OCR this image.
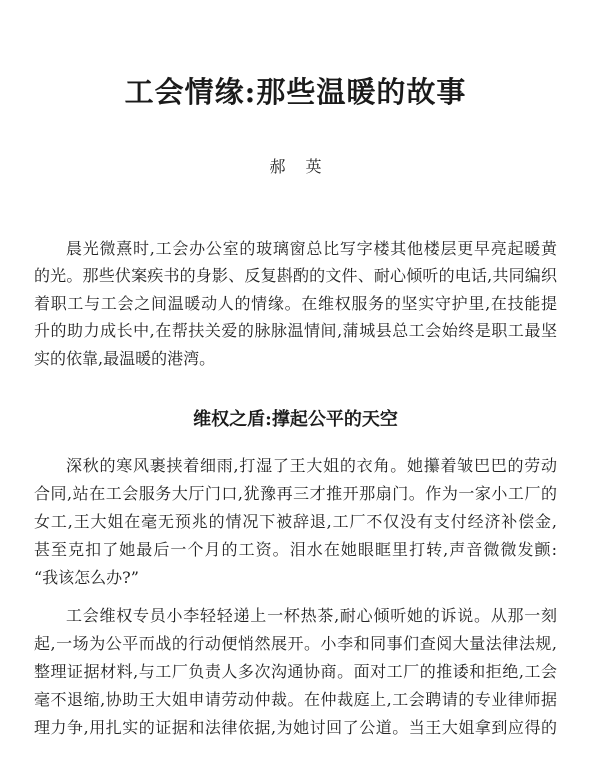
工会情缘:那些温暖的故事
郝英
晨光微熹时,工会办公室的玻璃窗总比写字楼其他楼层更早亮起暖黄
的光。那些伏案疾书的身影、反复斟酌的文件、耐心倾听的电话,共同编织
着职工与工会之间温暖动人的情缘。在维权服务的坚实守护里,在技能提
升的助力成长中,在帮扶关爱的脉脉温情间,蒲城县总工会始终是职工最坚
实的依靠,最温暖的港湾。
维权之盾:撑起公平的天空
深秋的寒风裹挟着细雨,打湿了王大姐的衣角。她攥着皱巴巴的劳动
合同,站在工会服务大厅门口,犹豫再三才推开那扇门。作为一家小工厂的
女工,王大姐在毫无预兆的情况下被辞退,工厂不仅没有支付经济补偿金,
甚至克扣了她最后一个月的工资。泪水在她眼眶里打转,声音微微发颤:
“我该怎么办?”
工会维权专员小李轻轻递上一杯热茶,耐心倾听她的诉说。从那一刻
起,一场为公平而战的行动便悄然展开。小李和同事们查阅大量法律法规,
整理证据材料,与工厂负责人多次沟通协商。面对工厂的推诿和拒绝,工会
毫不退缩,协助王大姐申请劳动仲裁。在仲裁庭上,工会聘请的专业律师据
理力争,用扎实的证据和法律依据,为她讨回了公道。当王大姐拿到应得的
